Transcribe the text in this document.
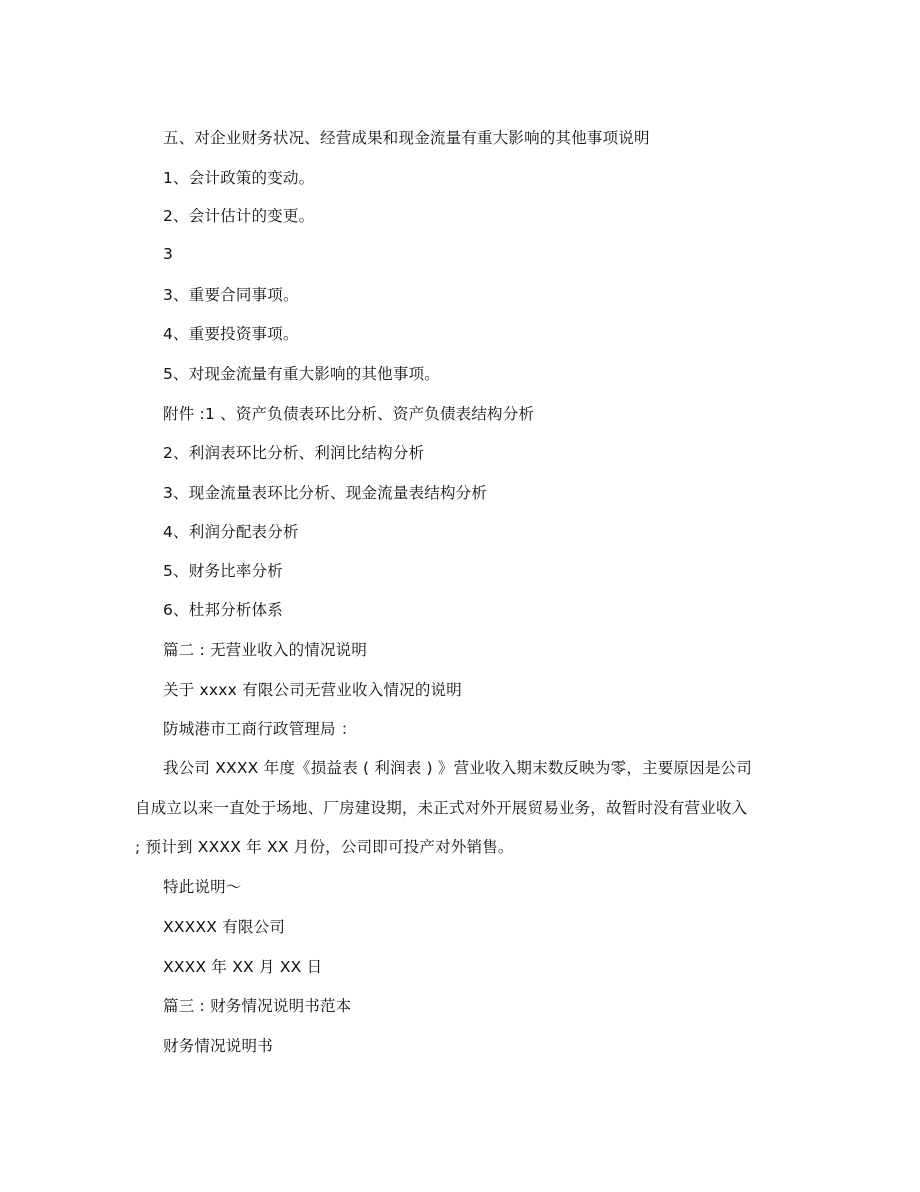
五、对企业财务状况、经营成果和现金流量有重大影响的其他事项说明
1、会计政策的变动。
2、会计估计的变更。
3
3、重要合同事项。
4、重要投资事项。
5、对现金流量有重大影响的其他事项。
附件 :1 、资产负债表环比分析、资产负债表结构分析
2、利润表环比分析、利润比结构分析
3、现金流量表环比分析、现金流量表结构分析
4、利润分配表分析
5、财务比率分析
6、杜邦分析体系
篇二 : 无营业收入的情况说明
关于 xxxx 有限公司无营业收入情况的说明
防城港市工商行政管理局 ：
我公司 XXXX 年度《损益表 ( 利润表 ) 》营业收入期末数反映为零，主要原因是公司自成立以来一直处于场地、厂房建设期，未正式对外开展贸易业务，故暂时没有营业收入 ; 预计到 XXXX 年 XX 月份，公司即可投产对外销售。
特此说明～
XXXXX 有限公司
XXXX 年 XX 月 XX 日
篇三 : 财务情况说明书范本
财务情况说明书
